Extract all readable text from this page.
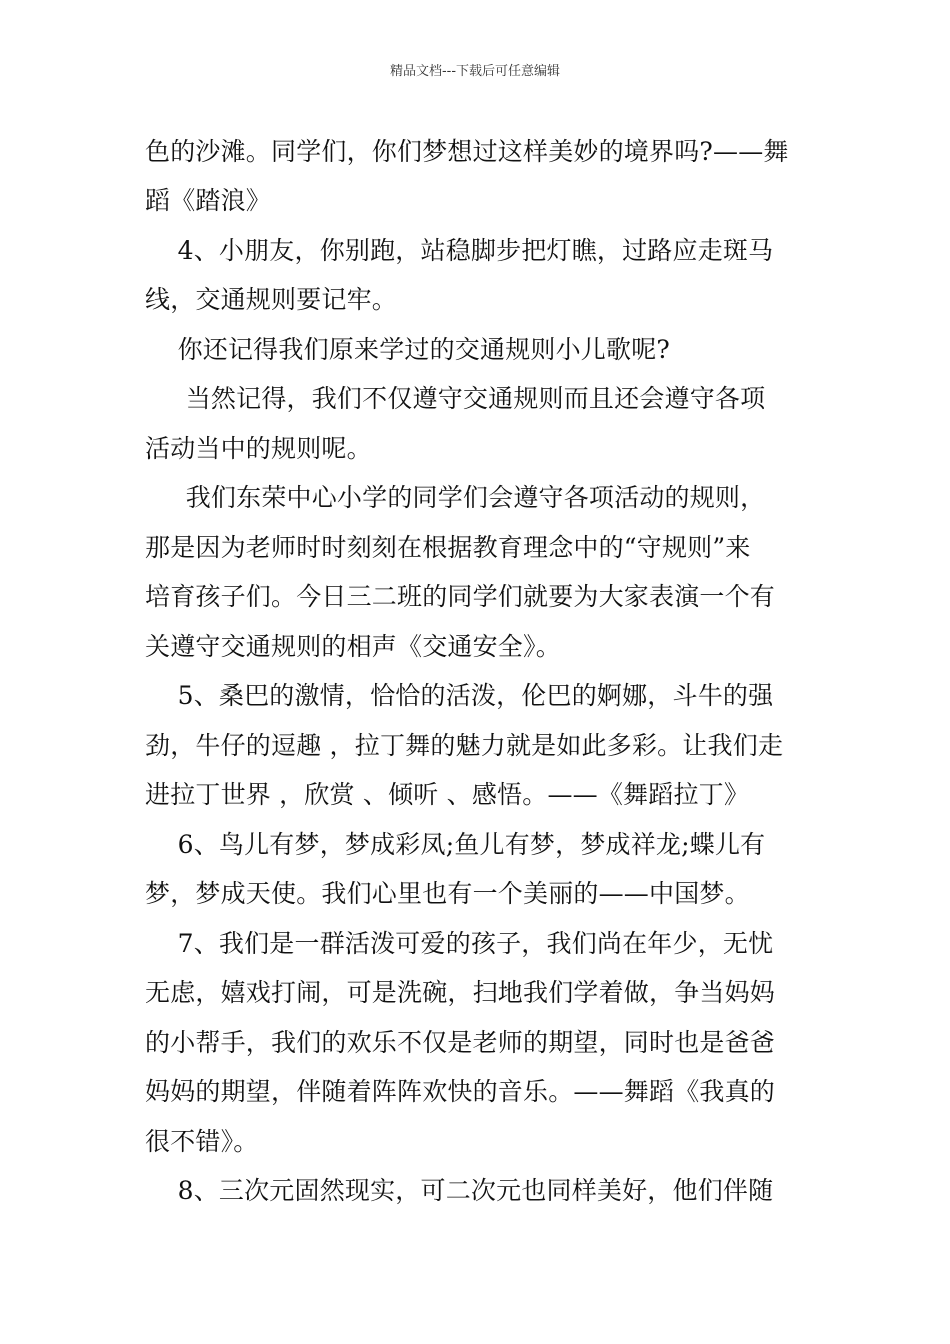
精品文档---下载后可任意编辑
色的沙滩。同学们，你们梦想过这样美妙的境界吗?——舞
蹈《踏浪》
4、小朋友，你别跑，站稳脚步把灯瞧，过路应走斑马
线，交通规则要记牢。
你还记得我们原来学过的交通规则小儿歌呢?
当然记得，我们不仅遵守交通规则而且还会遵守各项
活动当中的规则呢。
我们东荣中心小学的同学们会遵守各项活动的规则，
那是因为老师时时刻刻在根据教育理念中的“守规则”来
培育孩子们。今日三二班的同学们就要为大家表演一个有
关遵守交通规则的相声《交通安全》。
5、桑巴的激情，恰恰的活泼，伦巴的婀娜，斗牛的强
劲，牛仔的逗趣 ，拉丁舞的魅力就是如此多彩。让我们走
进拉丁世界 ，欣赏 、倾听 、感悟。——《舞蹈拉丁》
6、鸟儿有梦，梦成彩凤;鱼儿有梦，梦成祥龙;蝶儿有
梦，梦成天使。我们心里也有一个美丽的——中国梦。
7、我们是一群活泼可爱的孩子，我们尚在年少，无忧
无虑，嬉戏打闹，可是洗碗，扫地我们学着做，争当妈妈
的小帮手，我们的欢乐不仅是老师的期望，同时也是爸爸
妈妈的期望，伴随着阵阵欢快的音乐。——舞蹈《我真的
很不错》。
8、三次元固然现实，可二次元也同样美好，他们伴随
